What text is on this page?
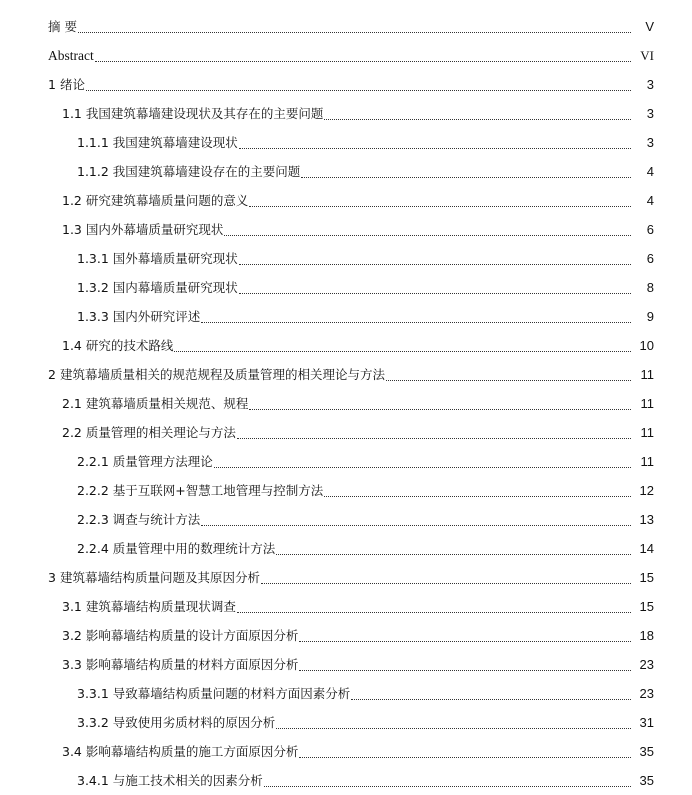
摘 要	V
Abstract	VI
1 绪论	3
1.1 我国建筑幕墙建设现状及其存在的主要问题	3
1.1.1 我国建筑幕墙建设现状	3
1.1.2 我国建筑幕墙建设存在的主要问题	4
1.2 研究建筑幕墙质量问题的意义	4
1.3 国内外幕墙质量研究现状	6
1.3.1 国外幕墙质量研究现状	6
1.3.2 国内幕墙质量研究现状	8
1.3.3 国内外研究评述	9
1.4 研究的技术路线	10
2 建筑幕墙质量相关的规范规程及质量管理的相关理论与方法	11
2.1 建筑幕墙质量相关规范、规程	11
2.2 质量管理的相关理论与方法	11
2.2.1 质量管理方法理论	11
2.2.2 基于互联网+智慧工地管理与控制方法	12
2.2.3 调查与统计方法	13
2.2.4 质量管理中用的数理统计方法	14
3 建筑幕墙结构质量问题及其原因分析	15
3.1 建筑幕墙结构质量现状调查	15
3.2 影响幕墙结构质量的设计方面原因分析	18
3.3 影响幕墙结构质量的材料方面原因分析	23
3.3.1 导致幕墙结构质量问题的材料方面因素分析	23
3.3.2 导致使用劣质材料的原因分析	31
3.4 影响幕墙结构质量的施工方面原因分析	35
3.4.1 与施工技术相关的因素分析	35
